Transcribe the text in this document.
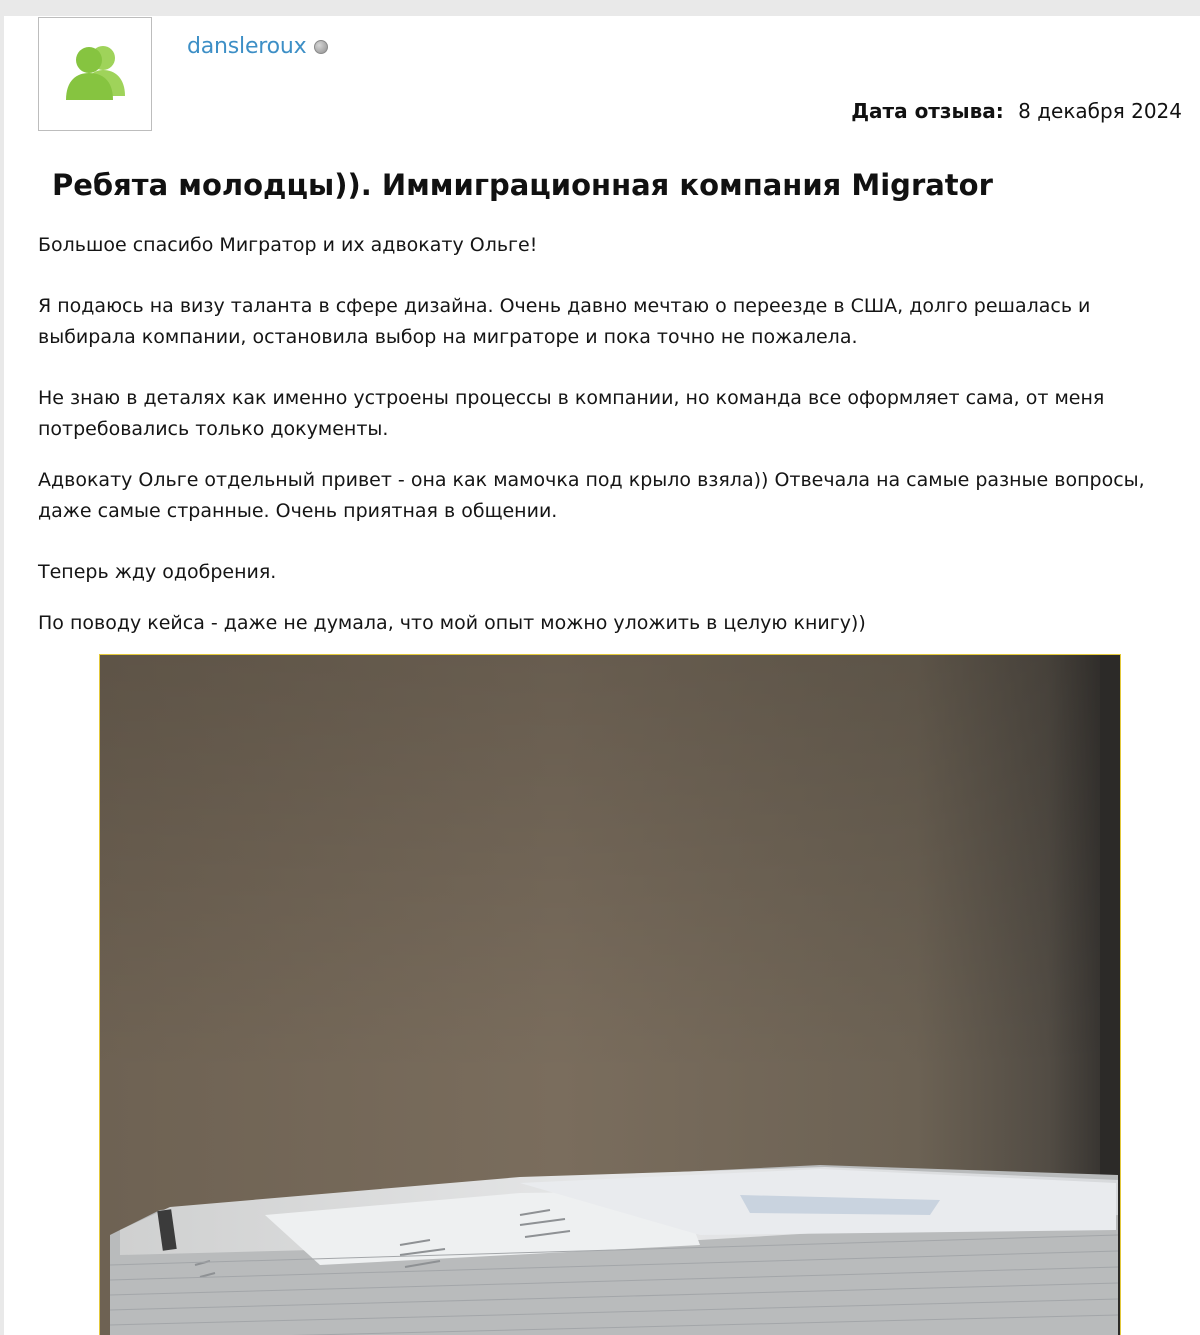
dansleroux
Дата отзыва: 8 декабря 2024
Ребята молодцы)). Иммиграционная компания Migrator

Большое спасибо Мигратор и их адвокату Ольге!

Я подаюсь на визу таланта в сфере дизайна. Очень давно мечтаю о переезде в США, долго решалась и выбирала компании, остановила выбор на миграторе и пока точно не пожалела.

Не знаю в деталях как именно устроены процессы в компании, но команда все оформляет сама, от меня потребовались только документы.

Адвокату Ольге отдельный привет - она как мамочка под крыло взяла)) Отвечала на самые разные вопросы, даже самые странные. Очень приятная в общении.

Теперь жду одобрения.

По поводу кейса - даже не думала, что мой опыт можно уложить в целую книгу))
